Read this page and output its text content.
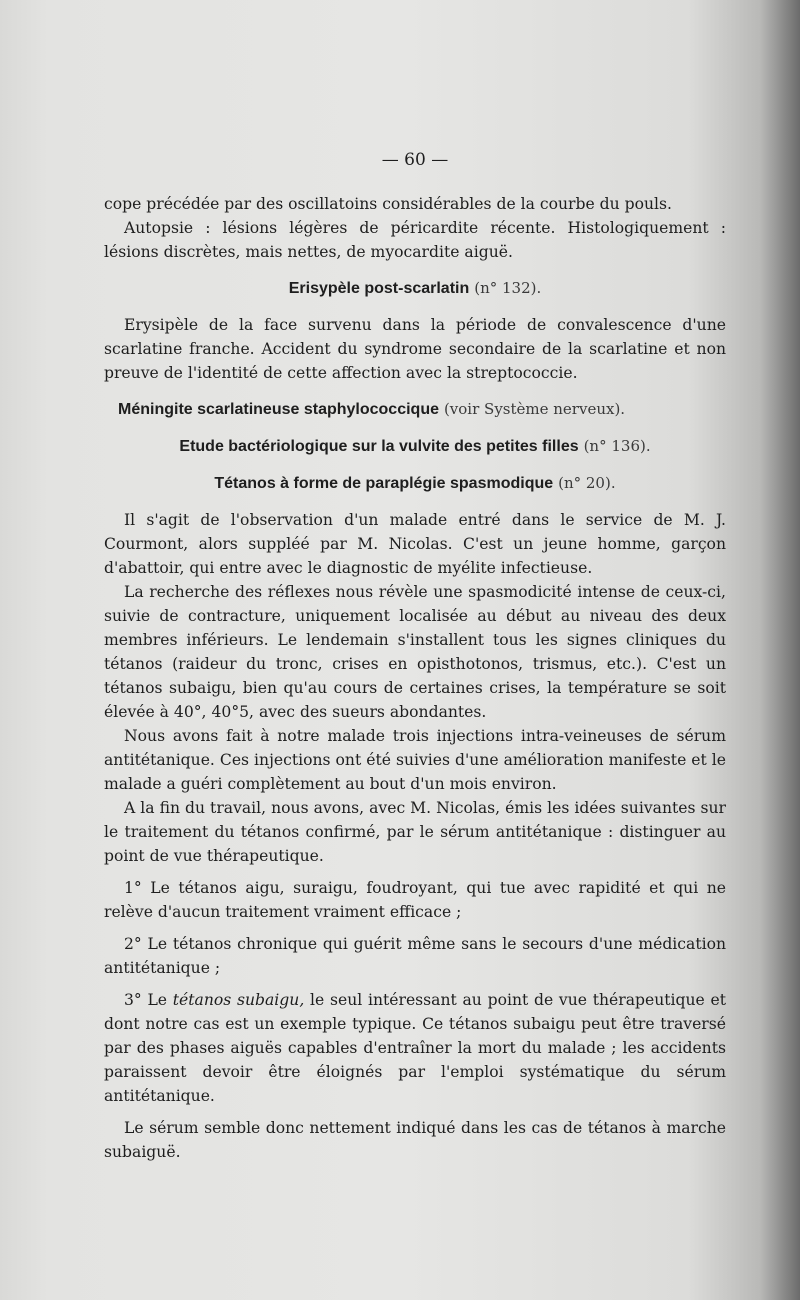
— 60 —

cope précédée par des oscillatoins considérables de la courbe du pouls.

Autopsie : lésions légères de péricardite récente. Histologiquement : lésions discrètes, mais nettes, de myocardite aiguë.

Erisypèle post-scarlatin (n° 132).

Erysipèle de la face survenu dans la période de convalescence d'une scarlatine franche. Accident du syndrome secondaire de la scarlatine et non preuve de l'identité de cette affection avec la streptococcie.

Méningite scarlatineuse staphylococcique (voir Système nerveux).
Etude bactériologique sur la vulvite des petites filles (n° 136).
Tétanos à forme de paraplégie spasmodique (n° 20).

Il s'agit de l'observation d'un malade entré dans le service de M. J. Courmont, alors suppléé par M. Nicolas. C'est un jeune homme, garçon d'abattoir, qui entre avec le diagnostic de myélite infectieuse.

La recherche des réflexes nous révèle une spasmodicité intense de ceux-ci, suivie de contracture, uniquement localisée au début au niveau des deux membres inférieurs. Le lendemain s'installent tous les signes cliniques du tétanos (raideur du tronc, crises en opisthotonos, trismus, etc.). C'est un tétanos subaigu, bien qu'au cours de certaines crises, la température se soit élevée à 40°, 40°5, avec des sueurs abondantes.

Nous avons fait à notre malade trois injections intra-veineuses de sérum antitétanique. Ces injections ont été suivies d'une amélioration manifeste et le malade a guéri complètement au bout d'un mois environ.

A la fin du travail, nous avons, avec M. Nicolas, émis les idées suivantes sur le traitement du tétanos confirmé, par le sérum antitétanique : distinguer au point de vue thérapeutique.

1° Le tétanos aigu, suraigu, foudroyant, qui tue avec rapidité et qui ne relève d'aucun traitement vraiment efficace ;

2° Le tétanos chronique qui guérit même sans le secours d'une médication antitétanique ;

3° Le tétanos subaigu, le seul intéressant au point de vue thérapeutique et dont notre cas est un exemple typique. Ce tétanos subaigu peut être traversé par des phases aiguës capables d'entraîner la mort du malade ; les accidents paraissent devoir être éloignés par l'emploi systématique du sérum antitétanique.

Le sérum semble donc nettement indiqué dans les cas de tétanos à marche subaiguë.
